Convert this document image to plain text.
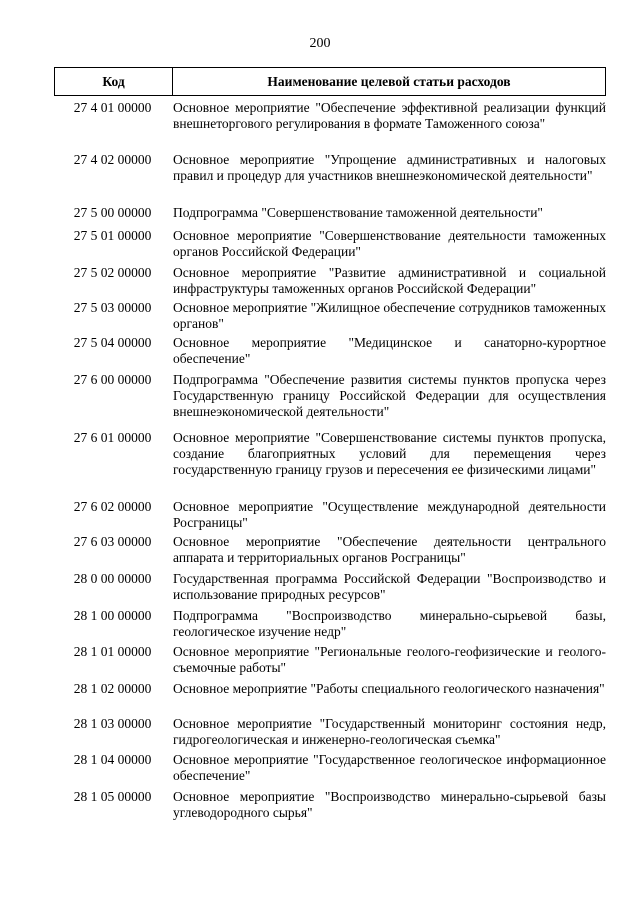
200
Код	Наименование целевой статьи расходов
27 4 01 00000	Основное мероприятие "Обеспечение эффективной реализации функций внешнеторгового регулирования в формате Таможенного союза"
27 4 02 00000	Основное мероприятие "Упрощение административных и налоговых правил и процедур для участников внешнеэкономической деятельности"
27 5 00 00000	Подпрограмма "Совершенствование таможенной деятельности"
27 5 01 00000	Основное мероприятие "Совершенствование деятельности таможенных органов Российской Федерации"
27 5 02 00000	Основное мероприятие "Развитие административной и социальной инфраструктуры таможенных органов Российской Федерации"
27 5 03 00000	Основное мероприятие "Жилищное обеспечение сотрудников таможенных органов"
27 5 04 00000	Основное мероприятие "Медицинское и санаторно-курортное обеспечение"
27 6 00 00000	Подпрограмма "Обеспечение развития системы пунктов пропуска через Государственную границу Российской Федерации для осуществления внешнеэкономической деятельности"
27 6 01 00000	Основное мероприятие "Совершенствование системы пунктов пропуска, создание благоприятных условий для перемещения через государственную границу грузов и пересечения ее физическими лицами"
27 6 02 00000	Основное мероприятие "Осуществление международной деятельности Росграницы"
27 6 03 00000	Основное мероприятие "Обеспечение деятельности центрального аппарата и территориальных органов Росграницы"
28 0 00 00000	Государственная программа Российской Федерации "Воспроизводство и использование природных ресурсов"
28 1 00 00000	Подпрограмма "Воспроизводство минерально-сырьевой базы, геологическое изучение недр"
28 1 01 00000	Основное мероприятие "Региональные геолого-геофизические и геолого-съемочные работы"
28 1 02 00000	Основное мероприятие "Работы специального геологического назначения"
28 1 03 00000	Основное мероприятие "Государственный мониторинг состояния недр, гидрогеологическая и инженерно-геологическая съемка"
28 1 04 00000	Основное мероприятие "Государственное геологическое информационное обеспечение"
28 1 05 00000	Основное мероприятие "Воспроизводство минерально-сырьевой базы углеводородного сырья"
